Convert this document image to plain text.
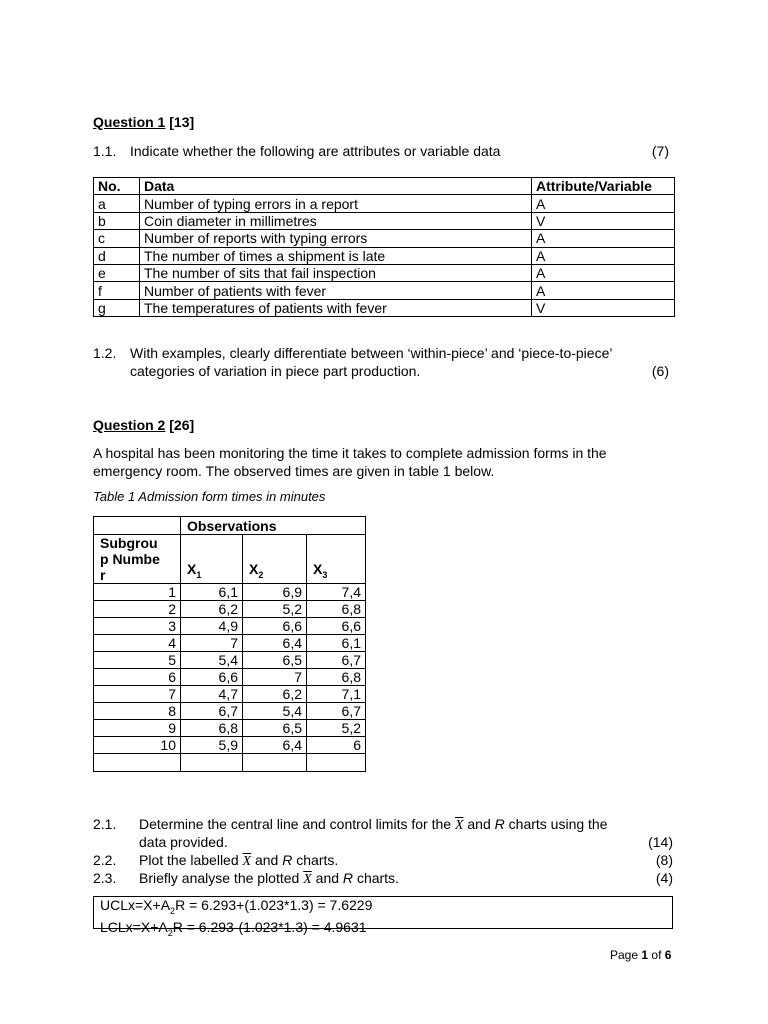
Question 1 [13]
1.1. Indicate whether the following are attributes or variable data	(7)
No.	Data	Attribute/Variable
a	Number of typing errors in a report	A
b	Coin diameter in millimetres	V
c	Number of reports with typing errors	A
d	The number of times a shipment is late	A
e	The number of sits that fail inspection	A
f	Number of patients with fever	A
g	The temperatures of patients with fever	V
1.2. With examples, clearly differentiate between ‘within-piece’ and ‘piece-to-piece’
categories of variation in piece part production.	(6)
Question 2 [26]
A hospital has been monitoring the time it takes to complete admission forms in the
emergency room. The observed times are given in table 1 below.
Table 1 Admission form times in minutes
	Observations		

Subgrou p Number	$X_1$	$X_2$	$X_3$
1	6,1	6,9	7,4
2	6,2	5,2	6,8
3	4,9	6,6	6,6
4	7	6,4	6,1
5	5,4	6,5	6,7
6	6,6	7	6,8
7	4,7	6,2	7,1
8	6,7	5,4	6,7
9	6,8	6,5	5,2
10	5,9	6,4	6

2.1. Determine the central line and control limits for the $\overline{X}$ and R charts using the
data provided.	(14)
2.2. Plot the labelled $\overline{X}$ and R charts.	(8)
2.3. Briefly analyse the plotted $\overline{X}$ and R charts.	(4)
$UCLx=X+A_2R = 6.293+(1.023*1.3) = 7.6229$
$LCLx=X+A_2R = 6.293-(1.023*1.3) = 4.9631$
Page 1 of 6
